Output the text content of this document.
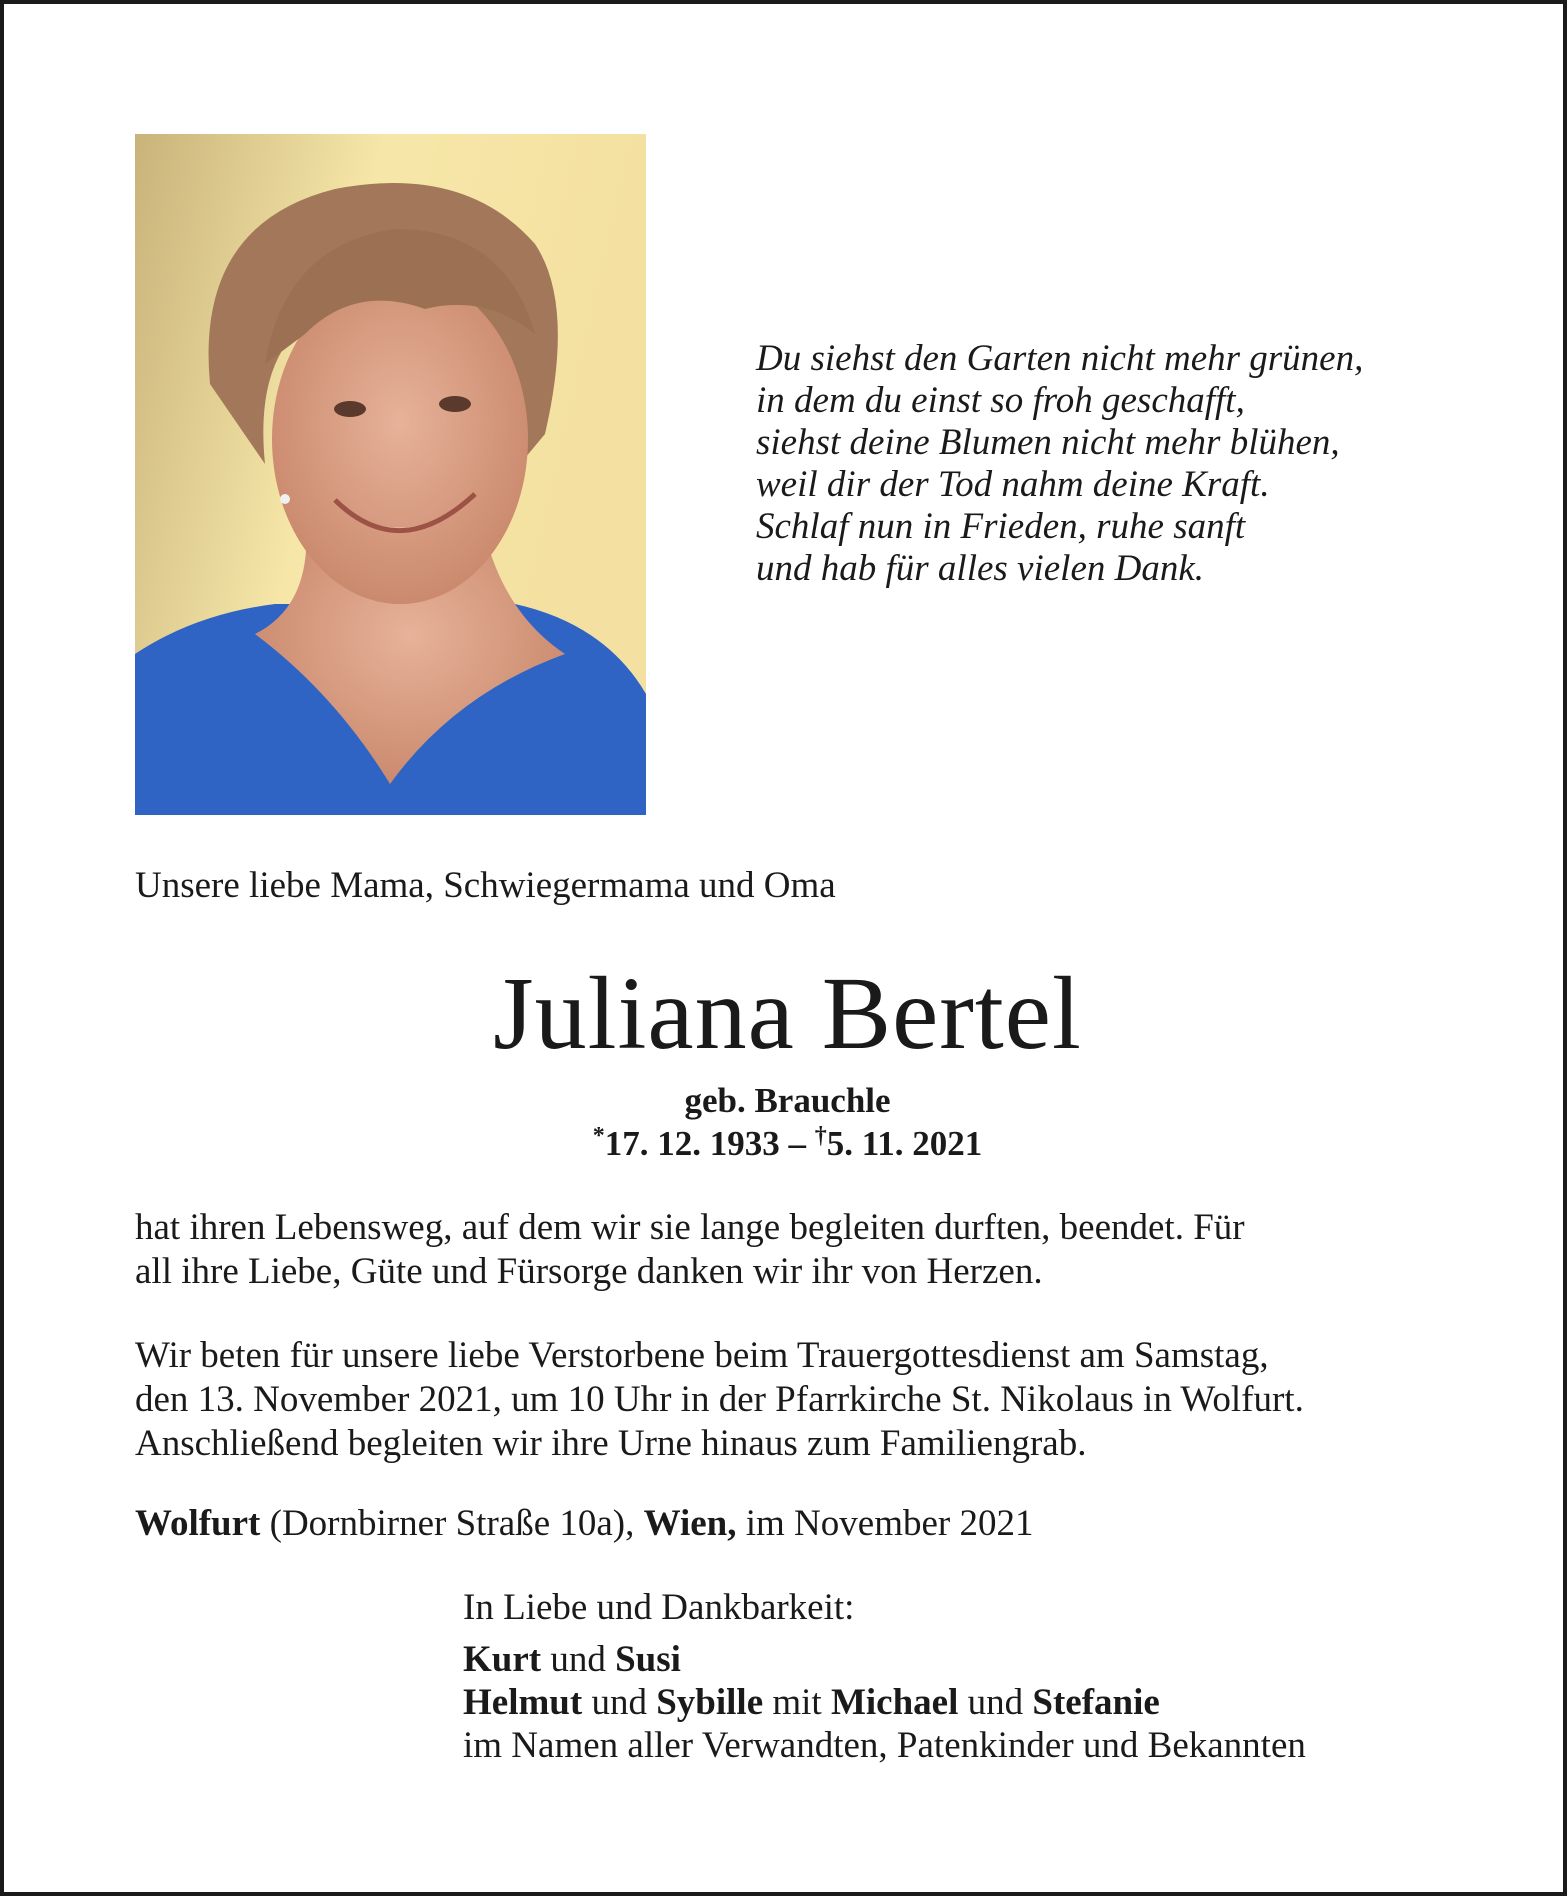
Du siehst den Garten nicht mehr grünen,
in dem du einst so froh geschafft,
siehst deine Blumen nicht mehr blühen,
weil dir der Tod nahm deine Kraft.
Schlaf nun in Frieden, ruhe sanft
und hab für alles vielen Dank.
Unsere liebe Mama, Schwiegermama und Oma
Juliana Bertel
geb. Brauchle
*17. 12. 1933 – †5. 11. 2021
hat ihren Lebensweg, auf dem wir sie lange begleiten durften, beendet. Für
all ihre Liebe, Güte und Fürsorge danken wir ihr von Herzen.
Wir beten für unsere liebe Verstorbene beim Trauergottesdienst am Samstag,
den 13. November 2021, um 10 Uhr in der Pfarrkirche St. Nikolaus in Wolfurt.
Anschließend begleiten wir ihre Urne hinaus zum Familiengrab.
Wolfurt (Dornbirner Straße 10a), Wien, im November 2021
In Liebe und Dankbarkeit:
Kurt und Susi
Helmut und Sybille mit Michael und Stefanie
im Namen aller Verwandten, Patenkinder und Bekannten
